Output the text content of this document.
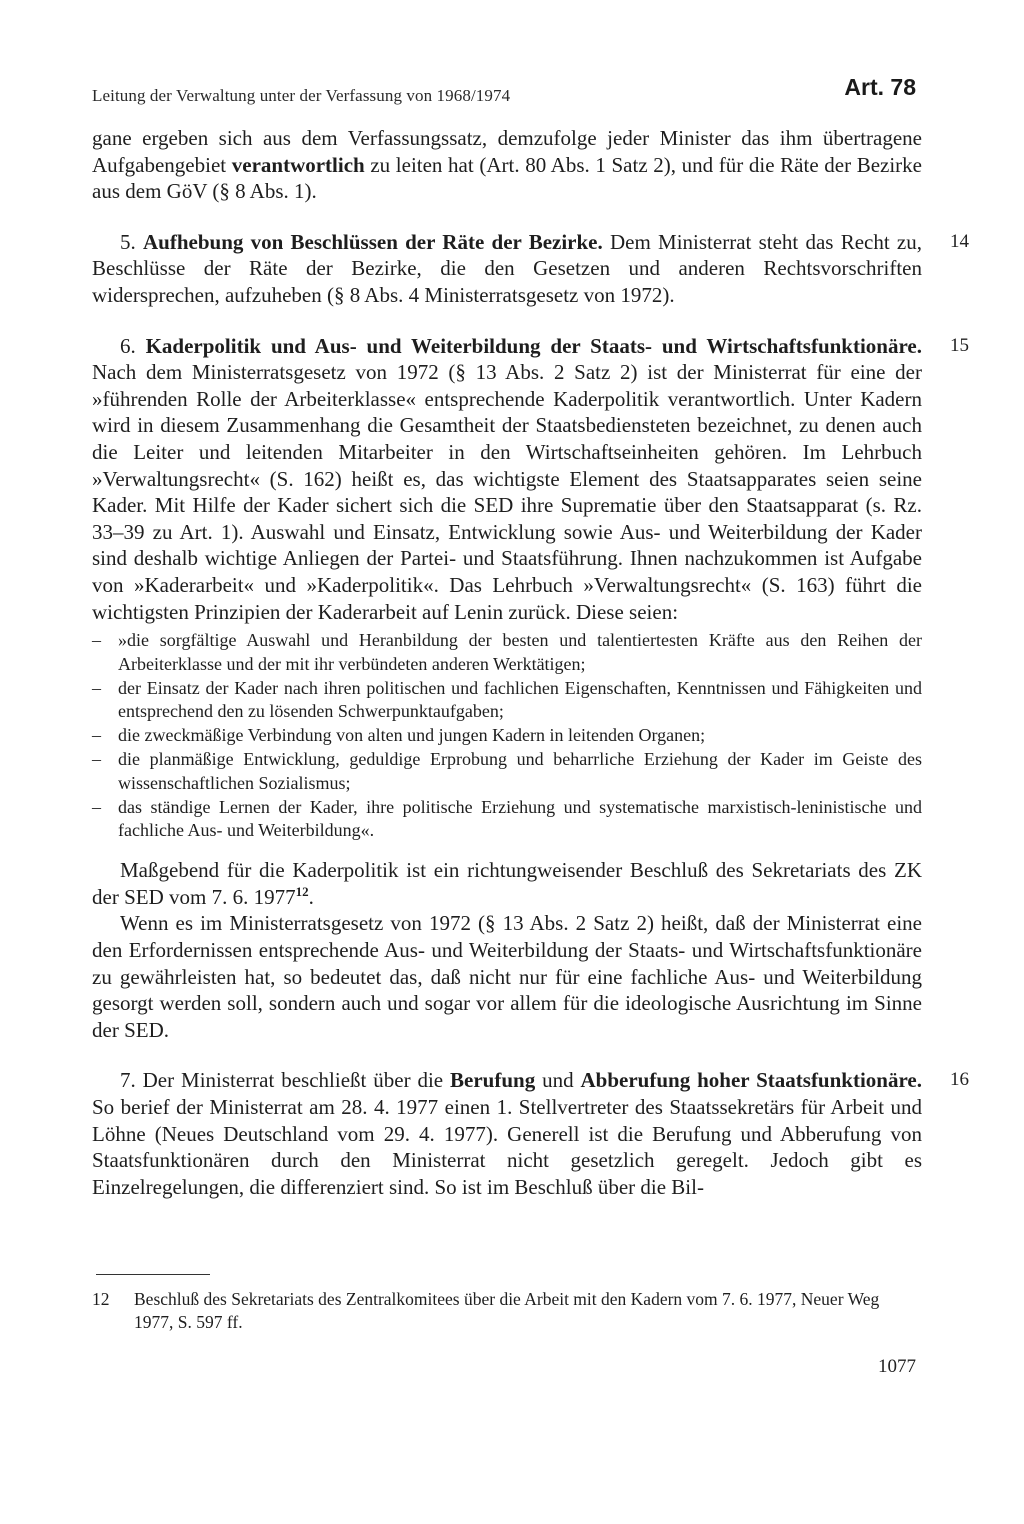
Leitung der Verwaltung unter der Verfassung von 1968/1974	Art. 78

gane ergeben sich aus dem Verfassungssatz, demzufolge jeder Minister das ihm übertragene Aufgabengebiet verantwortlich zu leiten hat (Art. 80 Abs. 1 Satz 2), und für die Räte der Bezirke aus dem GöV (§ 8 Abs. 1).

14
5. Aufhebung von Beschlüssen der Räte der Bezirke. Dem Ministerrat steht das Recht zu, Beschlüsse der Räte der Bezirke, die den Gesetzen und anderen Rechtsvorschriften widersprechen, aufzuheben (§ 8 Abs. 4 Ministerratsgesetz von 1972).

15
6. Kaderpolitik und Aus- und Weiterbildung der Staats- und Wirtschaftsfunktionäre. Nach dem Ministerratsgesetz von 1972 (§ 13 Abs. 2 Satz 2) ist der Ministerrat für eine der »führenden Rolle der Arbeiterklasse« entsprechende Kaderpolitik verantwortlich. Unter Kadern wird in diesem Zusammenhang die Gesamtheit der Staatsbediensteten bezeichnet, zu denen auch die Leiter und leitenden Mitarbeiter in den Wirtschaftseinheiten gehören. Im Lehrbuch »Verwaltungsrecht« (S. 162) heißt es, das wichtigste Element des Staatsapparates seien seine Kader. Mit Hilfe der Kader sichert sich die SED ihre Suprematie über den Staatsapparat (s. Rz. 33–39 zu Art. 1). Auswahl und Einsatz, Entwicklung sowie Aus- und Weiterbildung der Kader sind deshalb wichtige Anliegen der Partei- und Staatsführung. Ihnen nachzukommen ist Aufgabe von »Kaderarbeit« und »Kaderpolitik«. Das Lehrbuch »Verwaltungsrecht« (S. 163) führt die wichtigsten Prinzipien der Kaderarbeit auf Lenin zurück. Diese seien:

– »die sorgfältige Auswahl und Heranbildung der besten und talentiertesten Kräfte aus den Reihen der Arbeiterklasse und der mit ihr verbündeten anderen Werktätigen;
– der Einsatz der Kader nach ihren politischen und fachlichen Eigenschaften, Kenntnissen und Fähigkeiten und entsprechend den zu lösenden Schwerpunktaufgaben;
– die zweckmäßige Verbindung von alten und jungen Kadern in leitenden Organen;
– die planmäßige Entwicklung, geduldige Erprobung und beharrliche Erziehung der Kader im Geiste des wissenschaftlichen Sozialismus;
– das ständige Lernen der Kader, ihre politische Erziehung und systematische marxistisch-leninistische und fachliche Aus- und Weiterbildung«.

Maßgebend für die Kaderpolitik ist ein richtungweisender Beschluß des Sekretariats des ZK der SED vom 7. 6. 1977$^{12}$.

Wenn es im Ministerratsgesetz von 1972 (§ 13 Abs. 2 Satz 2) heißt, daß der Ministerrat eine den Erfordernissen entsprechende Aus- und Weiterbildung der Staats- und Wirtschaftsfunktionäre zu gewährleisten hat, so bedeutet das, daß nicht nur für eine fachliche Aus- und Weiterbildung gesorgt werden soll, sondern auch und sogar vor allem für die ideologische Ausrichtung im Sinne der SED.

16
7. Der Ministerrat beschließt über die Berufung und Abberufung hoher Staatsfunktionäre. So berief der Ministerrat am 28. 4. 1977 einen 1. Stellvertreter des Staatssekretärs für Arbeit und Löhne (Neues Deutschland vom 29. 4. 1977). Generell ist die Berufung und Abberufung von Staatsfunktionären durch den Ministerrat nicht gesetzlich geregelt. Jedoch gibt es Einzelregelungen, die differenziert sind. So ist im Beschluß über die Bil-

12	Beschluß des Sekretariats des Zentralkomitees über die Arbeit mit den Kadern vom 7. 6. 1977, Neuer Weg 1977, S. 597 ff.
1077
